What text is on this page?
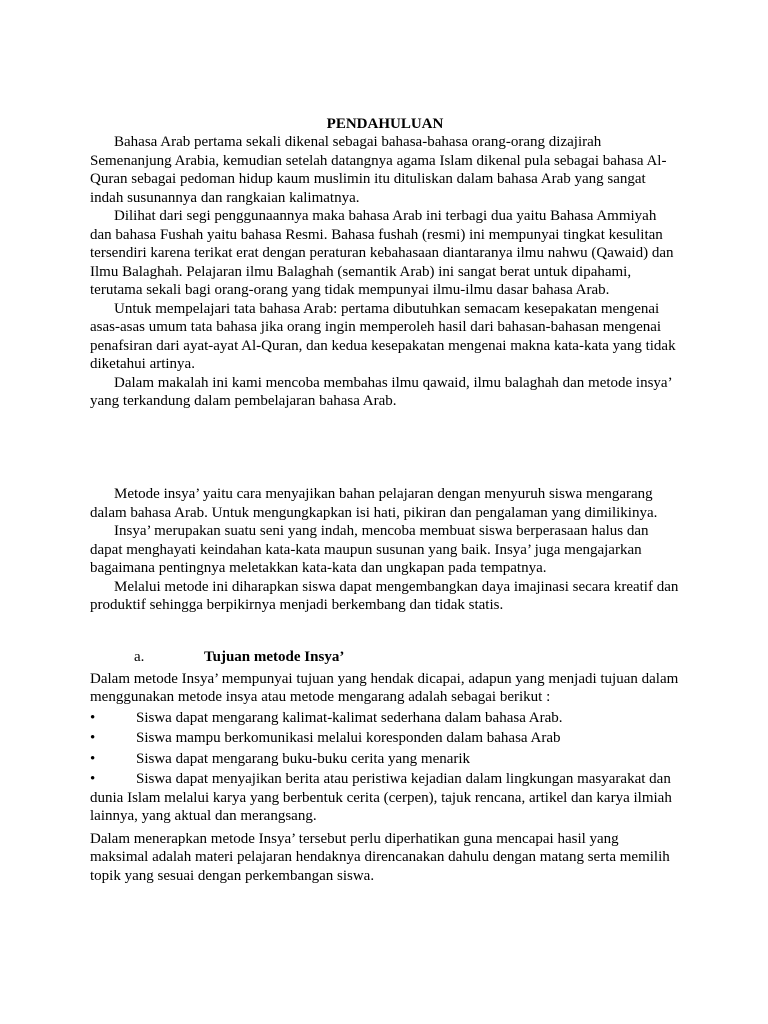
PENDAHULUAN

Bahasa Arab pertama sekali dikenal sebagai bahasa-bahasa orang-orang dizajirah Semenanjung Arabia, kemudian setelah datangnya agama Islam dikenal pula sebagai bahasa Al-Quran sebagai pedoman hidup kaum muslimin itu dituliskan dalam bahasa Arab yang sangat indah susunannya dan rangkaian kalimatnya.

Dilihat dari segi penggunaannya maka bahasa Arab ini terbagi dua yaitu Bahasa Ammiyah dan bahasa Fushah yaitu bahasa Resmi. Bahasa fushah (resmi) ini mempunyai tingkat kesulitan tersendiri karena terikat erat dengan peraturan kebahasaan diantaranya ilmu nahwu (Qawaid) dan Ilmu Balaghah. Pelajaran ilmu Balaghah (semantik Arab) ini sangat berat untuk dipahami, terutama sekali bagi orang-orang yang tidak mempunyai ilmu-ilmu dasar bahasa Arab.

Untuk mempelajari tata bahasa Arab: pertama dibutuhkan semacam kesepakatan mengenai asas-asas umum tata bahasa jika orang ingin memperoleh hasil dari bahasan-bahasan mengenai penafsiran dari ayat-ayat Al-Quran, dan kedua kesepakatan mengenai makna kata-kata yang tidak diketahui artinya.

Dalam makalah ini kami mencoba membahas ilmu qawaid, ilmu balaghah dan metode insya’ yang terkandung dalam pembelajaran bahasa Arab.

Metode insya’ yaitu cara menyajikan bahan pelajaran dengan menyuruh siswa mengarang dalam bahasa Arab. Untuk mengungkapkan isi hati, pikiran dan pengalaman yang dimilikinya.

Insya’ merupakan suatu seni yang indah, mencoba membuat siswa berperasaan halus dan dapat menghayati keindahan kata-kata maupun susunan yang baik. Insya’ juga mengajarkan bagaimana pentingnya meletakkan kata-kata dan ungkapan pada tempatnya.

Melalui metode ini diharapkan siswa dapat mengembangkan daya imajinasi secara kreatif dan produktif sehingga berpikirnya menjadi berkembang dan tidak statis.

a.	Tujuan metode Insya’

Dalam metode Insya’ mempunyai tujuan yang hendak dicapai, adapun yang menjadi tujuan dalam menggunakan metode insya atau metode mengarang adalah sebagai berikut :

•	Siswa dapat mengarang kalimat-kalimat sederhana dalam bahasa Arab.
•	Siswa mampu berkomunikasi melalui koresponden dalam bahasa Arab
•	Siswa dapat mengarang buku-buku cerita yang menarik
•	Siswa dapat menyajikan berita atau peristiwa kejadian dalam lingkungan masyarakat dan dunia Islam melalui karya yang berbentuk cerita (cerpen), tajuk rencana, artikel dan karya ilmiah lainnya, yang aktual dan merangsang.

Dalam menerapkan metode Insya’ tersebut perlu diperhatikan guna mencapai hasil yang maksimal adalah materi pelajaran hendaknya direncanakan dahulu dengan matang serta memilih topik yang sesuai dengan perkembangan siswa.
